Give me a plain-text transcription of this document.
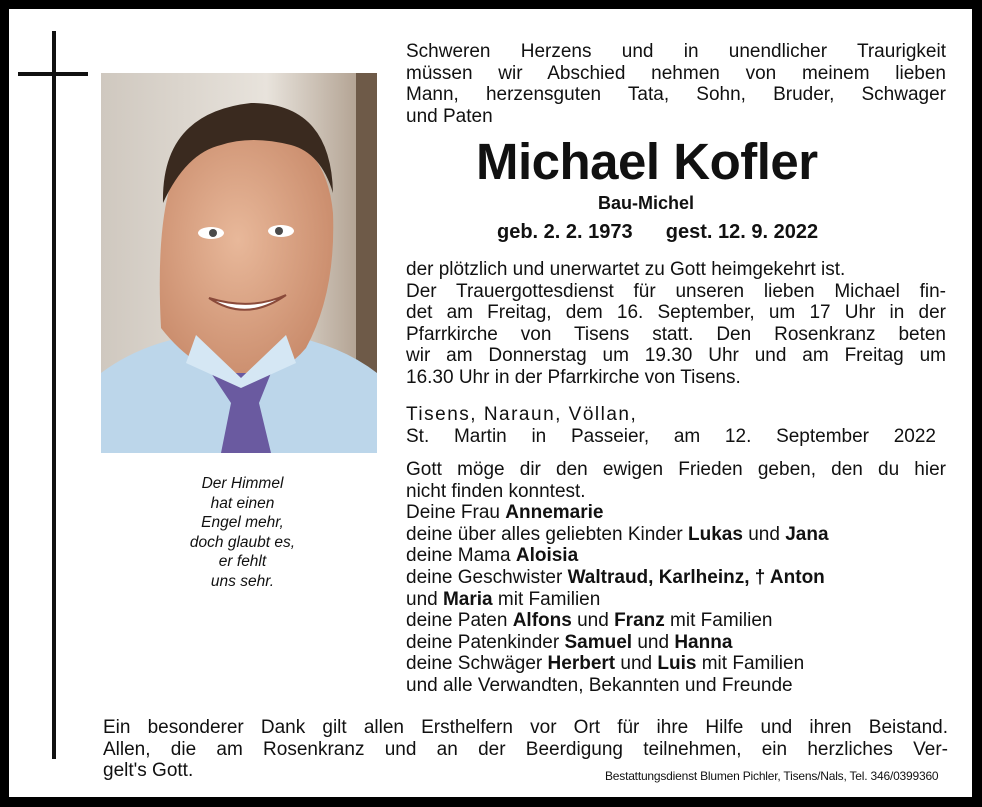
Der Himmel
hat einen
Engel mehr,
doch glaubt es,
er fehlt
uns sehr.
Schweren Herzens und in unendlicher Traurigkeit
müssen wir Abschied nehmen von meinem lieben
Mann, herzensguten Tata, Sohn, Bruder, Schwager
und Paten
Michael Kofler
Bau-Michel
geb. 2. 2. 1973 gest. 12. 9. 2022
der plötzlich und unerwartet zu Gott heimgekehrt ist.
Der Trauergottesdienst für unseren lieben Michael fin-
det am Freitag, dem 16. September, um 17 Uhr in der
Pfarrkirche von Tisens statt. Den Rosenkranz beten
wir am Donnerstag um 19.30 Uhr und am Freitag um
16.30 Uhr in der Pfarrkirche von Tisens.
Tisens, Naraun, Völlan,
St. Martin in Passeier, am 12. September 2022
Gott möge dir den ewigen Frieden geben, den du hier
nicht finden konntest.
Deine Frau Annemarie
deine über alles geliebten Kinder Lukas und Jana
deine Mama Aloisia
deine Geschwister Waltraud, Karlheinz, † Anton
und Maria mit Familien
deine Paten Alfons und Franz mit Familien
deine Patenkinder Samuel und Hanna
deine Schwäger Herbert und Luis mit Familien
und alle Verwandten, Bekannten und Freunde
Ein besonderer Dank gilt allen Ersthelfern vor Ort für ihre Hilfe und ihren Beistand.
Allen, die am Rosenkranz und an der Beerdigung teilnehmen, ein herzliches Ver-
gelt's Gott.	Bestattungsdienst Blumen Pichler, Tisens/Nals, Tel. 346/0399360
